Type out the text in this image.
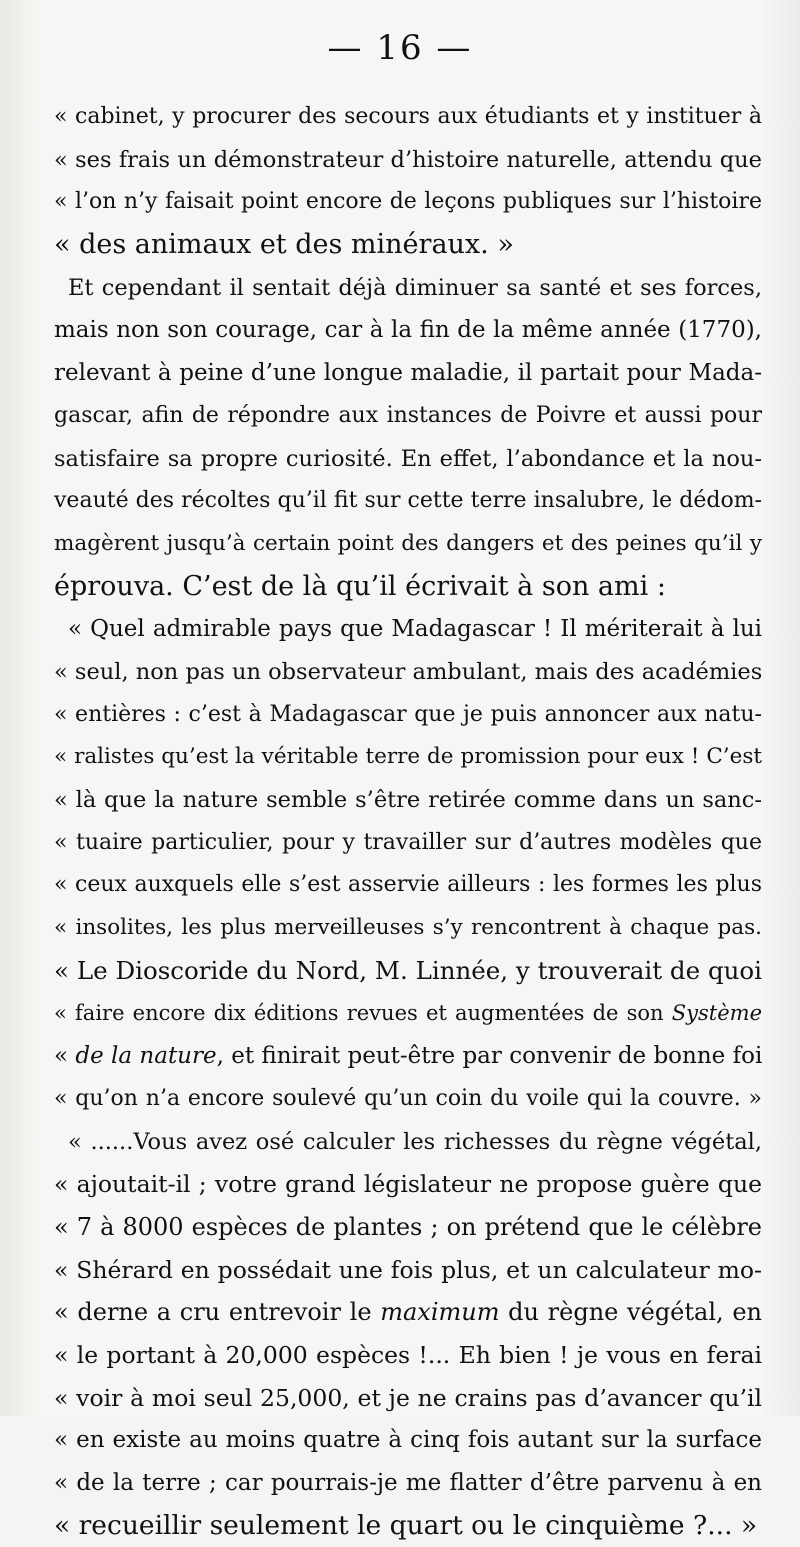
— 16 —
« cabinet, y procurer des secours aux étudiants et y instituer à
« ses frais un démonstrateur d’histoire naturelle, attendu que
« l’on n’y faisait point encore de leçons publiques sur l’histoire
« des animaux et des minéraux. »
Et cependant il sentait déjà diminuer sa santé et ses forces,
mais non son courage, car à la fin de la même année (1770),
relevant à peine d’une longue maladie, il partait pour Mada-
gascar, afin de répondre aux instances de Poivre et aussi pour
satisfaire sa propre curiosité. En effet, l’abondance et la nou-
veauté des récoltes qu’il fit sur cette terre insalubre, le dédom-
magèrent jusqu’à certain point des dangers et des peines qu’il y
éprouva. C’est de là qu’il écrivait à son ami :
« Quel admirable pays que Madagascar ! Il mériterait à lui
« seul, non pas un observateur ambulant, mais des académies
« entières : c’est à Madagascar que je puis annoncer aux natu-
« ralistes qu’est la véritable terre de promission pour eux ! C’est
« là que la nature semble s’être retirée comme dans un sanc-
« tuaire particulier, pour y travailler sur d’autres modèles que
« ceux auxquels elle s’est asservie ailleurs : les formes les plus
« insolites, les plus merveilleuses s’y rencontrent à chaque pas.
« Le Dioscoride du Nord, M. Linnée, y trouverait de quoi
« faire encore dix éditions revues et augmentées de son Système
« de la nature, et finirait peut-être par convenir de bonne foi
« qu’on n’a encore soulevé qu’un coin du voile qui la couvre. »
« ......Vous avez osé calculer les richesses du règne végétal,
« ajoutait-il ; votre grand législateur ne propose guère que
« 7 à 8000 espèces de plantes ; on prétend que le célèbre
« Shérard en possédait une fois plus, et un calculateur mo-
« derne a cru entrevoir le maximum du règne végétal, en
« le portant à 20,000 espèces !... Eh bien ! je vous en ferai
« voir à moi seul 25,000, et je ne crains pas d’avancer qu’il
« en existe au moins quatre à cinq fois autant sur la surface
« de la terre ; car pourrais-je me flatter d’être parvenu à en
« recueillir seulement le quart ou le cinquième ?... »
